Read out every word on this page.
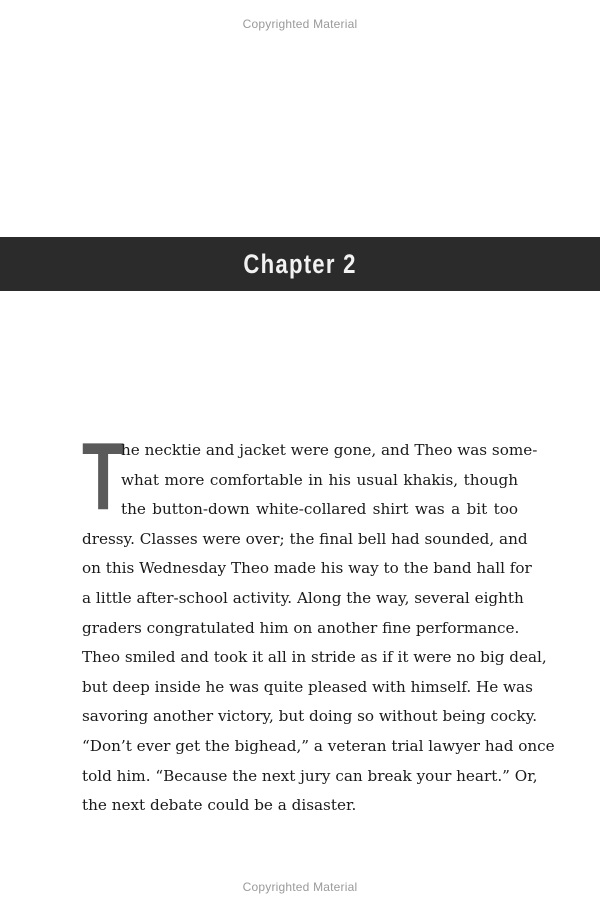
Copyrighted Material
Chapter 2
T
he necktie and jacket were gone, and Theo was some-
what more comfortable in his usual khakis, though
the button-down white-collared shirt was a bit too
dressy. Classes were over; the final bell had sounded, and
on this Wednesday Theo made his way to the band hall for
a little after-school activity. Along the way, several eighth
graders congratulated him on another fine performance.
Theo smiled and took it all in stride as if it were no big deal,
but deep inside he was quite pleased with himself. He was
savoring another victory, but doing so without being cocky.
“Don’t ever get the bighead,” a veteran trial lawyer had once
told him. “Because the next jury can break your heart.” Or,
the next debate could be a disaster.
Copyrighted Material
